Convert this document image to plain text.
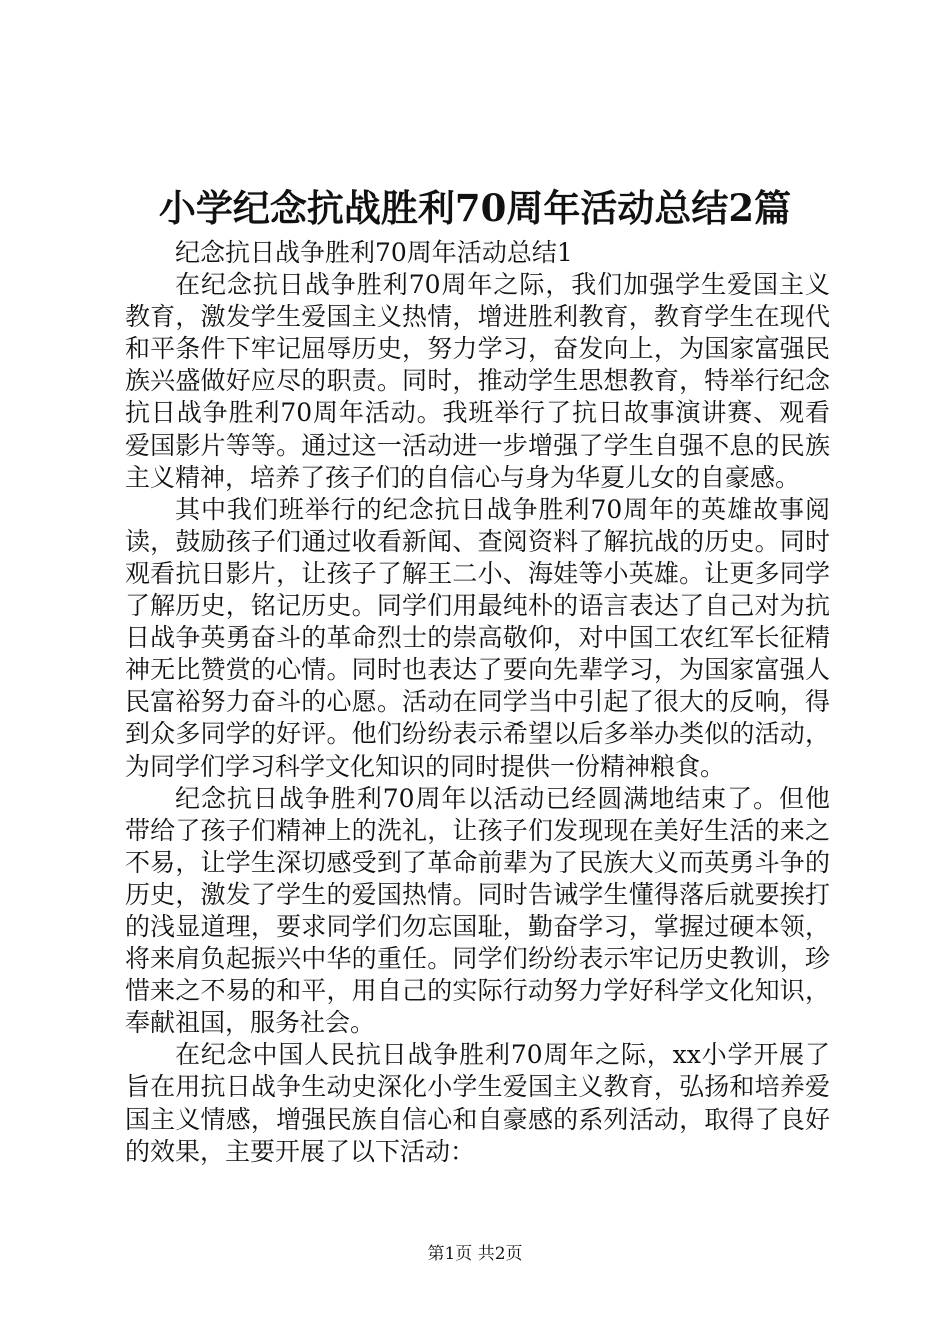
小学纪念抗战胜利70周年活动总结2篇
纪念抗日战争胜利70周年活动总结1

在纪念抗日战争胜利70周年之际，我们加强学生爱国主义教育，激发学生爱国主义热情，增进胜利教育，教育学生在现代和平条件下牢记屈辱历史，努力学习，奋发向上，为国家富强民族兴盛做好应尽的职责。同时，推动学生思想教育，特举行纪念抗日战争胜利70周年活动。我班举行了抗日故事演讲赛、观看爱国影片等等。通过这一活动进一步增强了学生自强不息的民族主义精神，培养了孩子们的自信心与身为华夏儿女的自豪感。

其中我们班举行的纪念抗日战争胜利70周年的英雄故事阅读，鼓励孩子们通过收看新闻、查阅资料了解抗战的历史。同时观看抗日影片，让孩子了解王二小、海娃等小英雄。让更多同学了解历史，铭记历史。同学们用最纯朴的语言表达了自己对为抗日战争英勇奋斗的革命烈士的崇高敬仰，对中国工农红军长征精神无比赞赏的心情。同时也表达了要向先辈学习，为国家富强人民富裕努力奋斗的心愿。活动在同学当中引起了很大的反响，得到众多同学的好评。他们纷纷表示希望以后多举办类似的活动，为同学们学习科学文化知识的同时提供一份精神粮食。

纪念抗日战争胜利70周年以活动已经圆满地结束了。但他带给了孩子们精神上的洗礼，让孩子们发现现在美好生活的来之不易，让学生深切感受到了革命前辈为了民族大义而英勇斗争的历史，激发了学生的爱国热情。同时告诫学生懂得落后就要挨打的浅显道理，要求同学们勿忘国耻，勤奋学习，掌握过硬本领，将来肩负起振兴中华的重任。同学们纷纷表示牢记历史教训，珍惜来之不易的和平，用自己的实际行动努力学好科学文化知识，奉献祖国，服务社会。

在纪念中国人民抗日战争胜利70周年之际，xx小学开展了旨在用抗日战争生动史深化小学生爱国主义教育，弘扬和培养爱国主义情感，增强民族自信心和自豪感的系列活动，取得了良好的效果，主要开展了以下活动：

第1页 共2页
